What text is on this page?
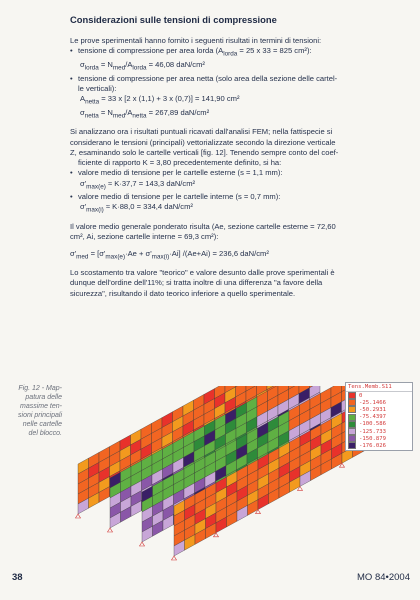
Considerazioni sulle tensioni di compressione

Le prove sperimentali hanno fornito i seguenti risultati in termini di tensioni:

• tensione di compressione per area lorda ($A_{lorda} = 25$ x 33 = 825 cm²):
$\sigma_{lorda} = N_{med}/A_{lorda} = 46,08$ daN/cm²
• tensione di compressione per area netta (solo area della sezione delle cartel-
le verticali):
$A_{netta} = 33$ x [2 x (1,1) + 3 x (0,7)] = 141,90 cm²
$\sigma_{netta} = N_{med}/A_{netta} = 267,89$ daN/cm²

Si analizzano ora i risultati puntuali ricavati dall'analisi FEM; nella fattispecie si

considerano le tensioni (principali) vettorializzate secondo la direzione verticale

Z, esaminando solo le cartelle verticali [fig. 12]. Tenendo sempre conto del coef-

ficiente di rapporto K = 3,80 precedentemente definito, si ha:

• valore medio di tensione per le cartelle esterne (s = 1,1 mm):
$\sigma'_{max(e)} \approx K\cdot 37,7 = 143,3$ daN/cm²
• valore medio di tensione per le cartelle interne (s = 0,7 mm):
$\sigma'_{max(i)} \approx K\cdot 88,0 = 334,4$ daN/cm²

Il valore medio generale ponderato risulta (Ae, sezione cartelle esterne = 72,60

cm², Ai, sezione cartelle interne = 69,3 cm²):

$\sigma'_{med} = [\sigma'_{max(e)}\cdot Ae + \sigma'_{max(i)}\cdot Ai] /(Ae+Ai) = 236,6$ daN/cm²

Lo scostamento tra valore "teorico" e valore desunto dalle prove sperimentali è

dunque dell'ordine dell'11%; si tratta inoltre di una differenza "a favore della

sicurezza", risultando il dato teorico inferiore a quello sperimentale.

Fig. 12 - Map-
patura delle
massime ten-
sioni principali
nelle cartelle
del blocco.
Tens.Memb.S11
0
-25.1466
-50.2931
-75.4397
-100.586
-125.733
-150.879
-176.026
38	MO 84•2004
